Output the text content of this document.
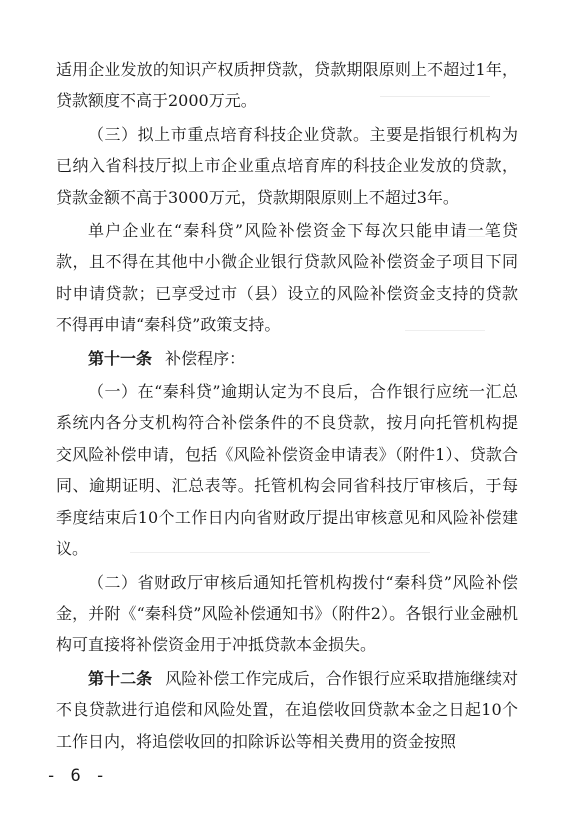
适用企业发放的知识产权质押贷款，贷款期限原则上不超过1年，贷款额度不高于2000万元。

（三）拟上市重点培育科技企业贷款。主要是指银行机构为已纳入省科技厅拟上市企业重点培育库的科技企业发放的贷款，贷款金额不高于3000万元，贷款期限原则上不超过3年。

单户企业在“秦科贷”风险补偿资金下每次只能申请一笔贷款，且不得在其他中小微企业银行贷款风险补偿资金子项目下同时申请贷款；已享受过市（县）设立的风险补偿资金支持的贷款不得再申请“秦科贷”政策支持。

第十一条 补偿程序：

（一）在“秦科贷”逾期认定为不良后，合作银行应统一汇总系统内各分支机构符合补偿条件的不良贷款，按月向托管机构提交风险补偿申请，包括《风险补偿资金申请表》（附件1）、贷款合同、逾期证明、汇总表等。托管机构会同省科技厅审核后，于每季度结束后10个工作日内向省财政厅提出审核意见和风险补偿建议。

（二）省财政厅审核后通知托管机构拨付“秦科贷”风险补偿金，并附《“秦科贷”风险补偿通知书》（附件2）。各银行业金融机构可直接将补偿资金用于冲抵贷款本金损失。

第十二条 风险补偿工作完成后，合作银行应采取措施继续对不良贷款进行追偿和风险处置，在追偿收回贷款本金之日起10个工作日内，将追偿收回的扣除诉讼等相关费用的资金按照

- 6 -
